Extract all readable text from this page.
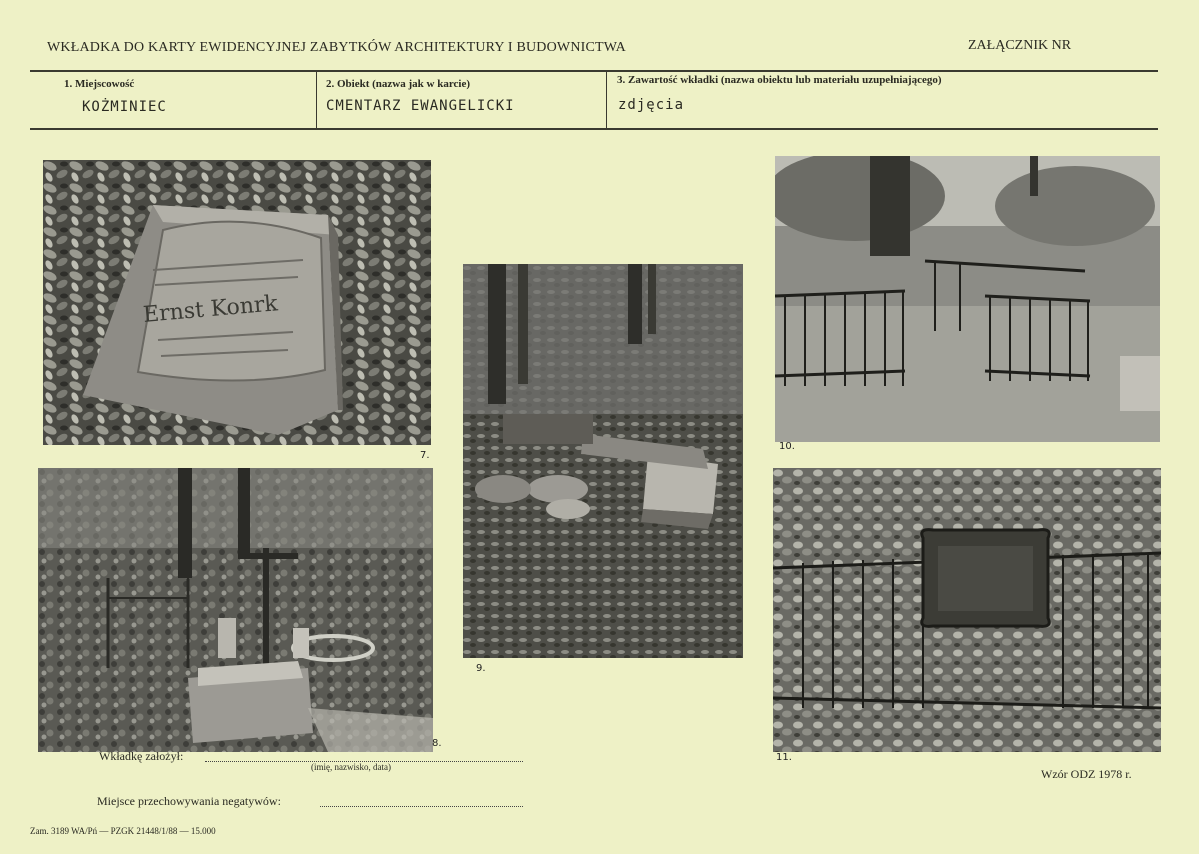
WKŁADKA DO KARTY EWIDENCYJNEJ ZABYTKÓW ARCHITEKTURY I BUDOWNICTWA	ZAŁĄCZNIK NR
1. Miejscowość
KOŻMINIEC
2. Obiekt (nazwa jak w karcie)
CMENTARZ EWANGELICKI
3. Zawartość wkładki (nazwa obiektu lub materiału uzupełniającego)
zdjęcia
Ernst Konrk
7.
8.
9.
10.
11.
Wkładkę założył:
(imię, nazwisko, data)
Miejsce przechowywania negatywów:
Wzór ODZ 1978 r.
Zam. 3189 WA/Pń — PZGK 21448/1/88 — 15.000
